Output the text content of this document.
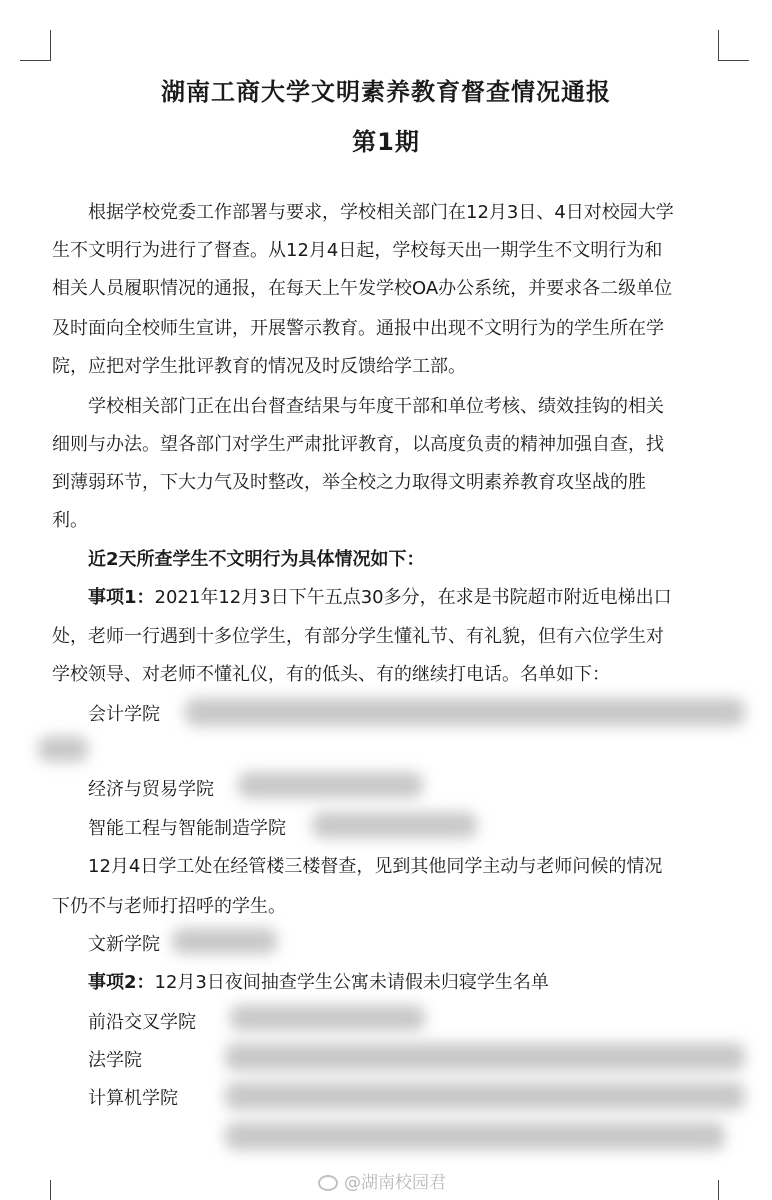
湖南工商大学文明素养教育督查情况通报
第1期
根据学校党委工作部署与要求，学校相关部门在12月3日、4日对校园大学
生不文明行为进行了督查。从12月4日起，学校每天出一期学生不文明行为和
相关人员履职情况的通报，在每天上午发学校OA办公系统，并要求各二级单位
及时面向全校师生宣讲，开展警示教育。通报中出现不文明行为的学生所在学
院，应把对学生批评教育的情况及时反馈给学工部。
学校相关部门正在出台督查结果与年度干部和单位考核、绩效挂钩的相关
细则与办法。望各部门对学生严肃批评教育，以高度负责的精神加强自查，找
到薄弱环节，下大力气及时整改，举全校之力取得文明素养教育攻坚战的胜
利。
近2天所查学生不文明行为具体情况如下：
事项1：2021年12月3日下午五点30多分，在求是书院超市附近电梯出口
处，老师一行遇到十多位学生，有部分学生懂礼节、有礼貌，但有六位学生对
学校领导、对老师不懂礼仪，有的低头、有的继续打电话。名单如下：
会计学院
经济与贸易学院
智能工程与智能制造学院
12月4日学工处在经管楼三楼督查，见到其他同学主动与老师问候的情况
下仍不与老师打招呼的学生。
文新学院
事项2：12月3日夜间抽查学生公寓未请假未归寝学生名单
前沿交叉学院
法学院
计算机学院
@湖南校园君
